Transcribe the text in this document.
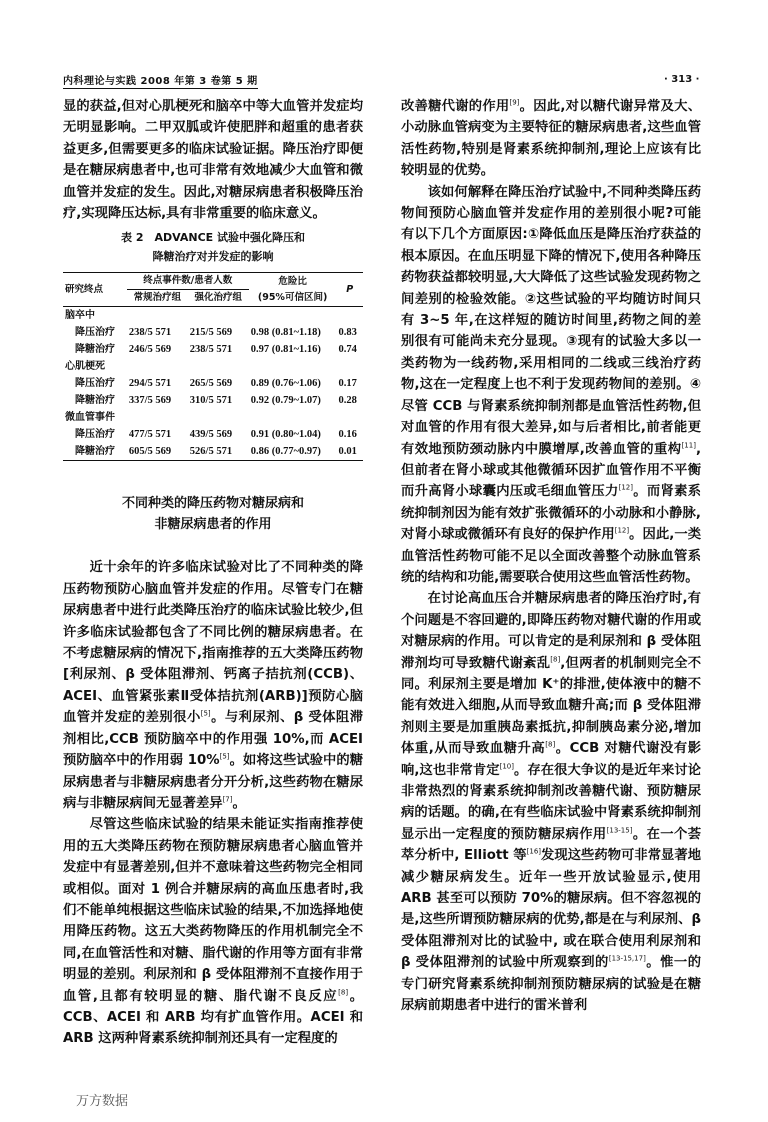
内科理论与实践 2008 年第 3 卷第 5 期	· 313 ·

显的获益,但对心肌梗死和脑卒中等大血管并发症均无明显影响。二甲双胍或许使肥胖和超重的患者获益更多,但需要更多的临床试验证据。降压治疗即便是在糖尿病患者中,也可非常有效地减少大血管和微血管并发症的发生。因此,对糖尿病患者积极降压治疗,实现降压达标,具有非常重要的临床意义。

表 2　ADVANCE 试验中强化降压和
降糖治疗对并发症的影响
研究终点	终点事件数/患者人数		危险比	P
	常规治疗组	强化治疗组	(95%可信区间)	
脑卒中				
降压治疗	238/5 571	215/5 569	0.98 (0.81~1.18)	0.83
降糖治疗	246/5 569	238/5 571	0.97 (0.81~1.16)	0.74
心肌梗死				
降压治疗	294/5 571	265/5 569	0.89 (0.76~1.06)	0.17
降糖治疗	337/5 569	310/5 571	0.92 (0.79~1.07)	0.28
微血管事件				
降压治疗	477/5 571	439/5 569	0.91 (0.80~1.04)	0.16
降糖治疗	605/5 569	526/5 571	0.86 (0.77~0.97)	0.01
不同种类的降压药物对糖尿病和
非糖尿病患者的作用

近十余年的许多临床试验对比了不同种类的降压药物预防心脑血管并发症的作用。尽管专门在糖尿病患者中进行此类降压治疗的临床试验比较少,但许多临床试验都包含了不同比例的糖尿病患者。在不考虑糖尿病的情况下,指南推荐的五大类降压药物 [利尿剂、β 受体阻滞剂、钙离子拮抗剂(CCB)、ACEI、血管紧张素Ⅱ受体拮抗剂(ARB)]预防心脑血管并发症的差别很小[5]。与利尿剂、β 受体阻滞剂相比,CCB 预防脑卒中的作用强 10%,而 ACEI 预防脑卒中的作用弱 10%[5]。如将这些试验中的糖尿病患者与非糖尿病患者分开分析,这些药物在糖尿病与非糖尿病间无显著差异[7]。

尽管这些临床试验的结果未能证实指南推荐使用的五大类降压药物在预防糖尿病患者心脑血管并发症中有显著差别,但并不意味着这些药物完全相同或相似。面对 1 例合并糖尿病的高血压患者时,我们不能单纯根据这些临床试验的结果,不加选择地使用降压药物。这五大类药物降压的作用机制完全不同,在血管活性和对糖、脂代谢的作用等方面有非常明显的差别。利尿剂和 β 受体阻滞剂不直接作用于血管,且都有较明显的糖、脂代谢不良反应[8]。CCB、ACEI 和 ARB 均有扩血管作用。ACEI 和 ARB 这两种肾素系统抑制剂还具有一定程度的

改善糖代谢的作用[9]。因此,对以糖代谢异常及大、小动脉血管病变为主要特征的糖尿病患者,这些血管活性药物,特别是肾素系统抑制剂,理论上应该有比较明显的优势。

该如何解释在降压治疗试验中,不同种类降压药物间预防心脑血管并发症作用的差别很小呢?可能有以下几个方面原因:①降低血压是降压治疗获益的根本原因。在血压明显下降的情况下,使用各种降压药物获益都较明显,大大降低了这些试验发现药物之间差别的检验效能。②这些试验的平均随访时间只有 3~5 年,在这样短的随访时间里,药物之间的差别很有可能尚未充分显现。③现有的试验大多以一类药物为一线药物,采用相同的二线或三线治疗药物,这在一定程度上也不利于发现药物间的差别。④尽管 CCB 与肾素系统抑制剂都是血管活性药物,但对血管的作用有很大差异,如与后者相比,前者能更有效地预防颈动脉内中膜增厚,改善血管的重构[11],但前者在肾小球或其他微循环因扩血管作用不平衡而升高肾小球囊内压或毛细血管压力[12]。而肾素系统抑制剂因为能有效扩张微循环的小动脉和小静脉,对肾小球或微循环有良好的保护作用[12]。因此,一类血管活性药物可能不足以全面改善整个动脉血管系统的结构和功能,需要联合使用这些血管活性药物。

在讨论高血压合并糖尿病患者的降压治疗时,有个问题是不容回避的,即降压药物对糖代谢的作用或对糖尿病的作用。可以肯定的是利尿剂和 β 受体阻滞剂均可导致糖代谢紊乱[8],但两者的机制则完全不同。利尿剂主要是增加 K⁺的排泄,使体液中的糖不能有效进入细胞,从而导致血糖升高;而 β 受体阻滞剂则主要是加重胰岛素抵抗,抑制胰岛素分泌,增加体重,从而导致血糖升高[8]。CCB 对糖代谢没有影响,这也非常肯定[10]。存在很大争议的是近年来讨论非常热烈的肾素系统抑制剂改善糖代谢、预防糖尿病的话题。的确,在有些临床试验中肾素系统抑制剂显示出一定程度的预防糖尿病作用[13-15]。在一个荟萃分析中, Elliott 等[16]发现这些药物可非常显著地减少糖尿病发生。近年一些开放试验显示,使用 ARB 甚至可以预防 70%的糖尿病。但不容忽视的是,这些所谓预防糖尿病的优势,都是在与利尿剂、β 受体阻滞剂对比的试验中, 或在联合使用利尿剂和 β 受体阻滞剂的试验中所观察到的[13-15,17]。惟一的专门研究肾素系统抑制剂预防糖尿病的试验是在糖尿病前期患者中进行的雷米普利

万方数据
